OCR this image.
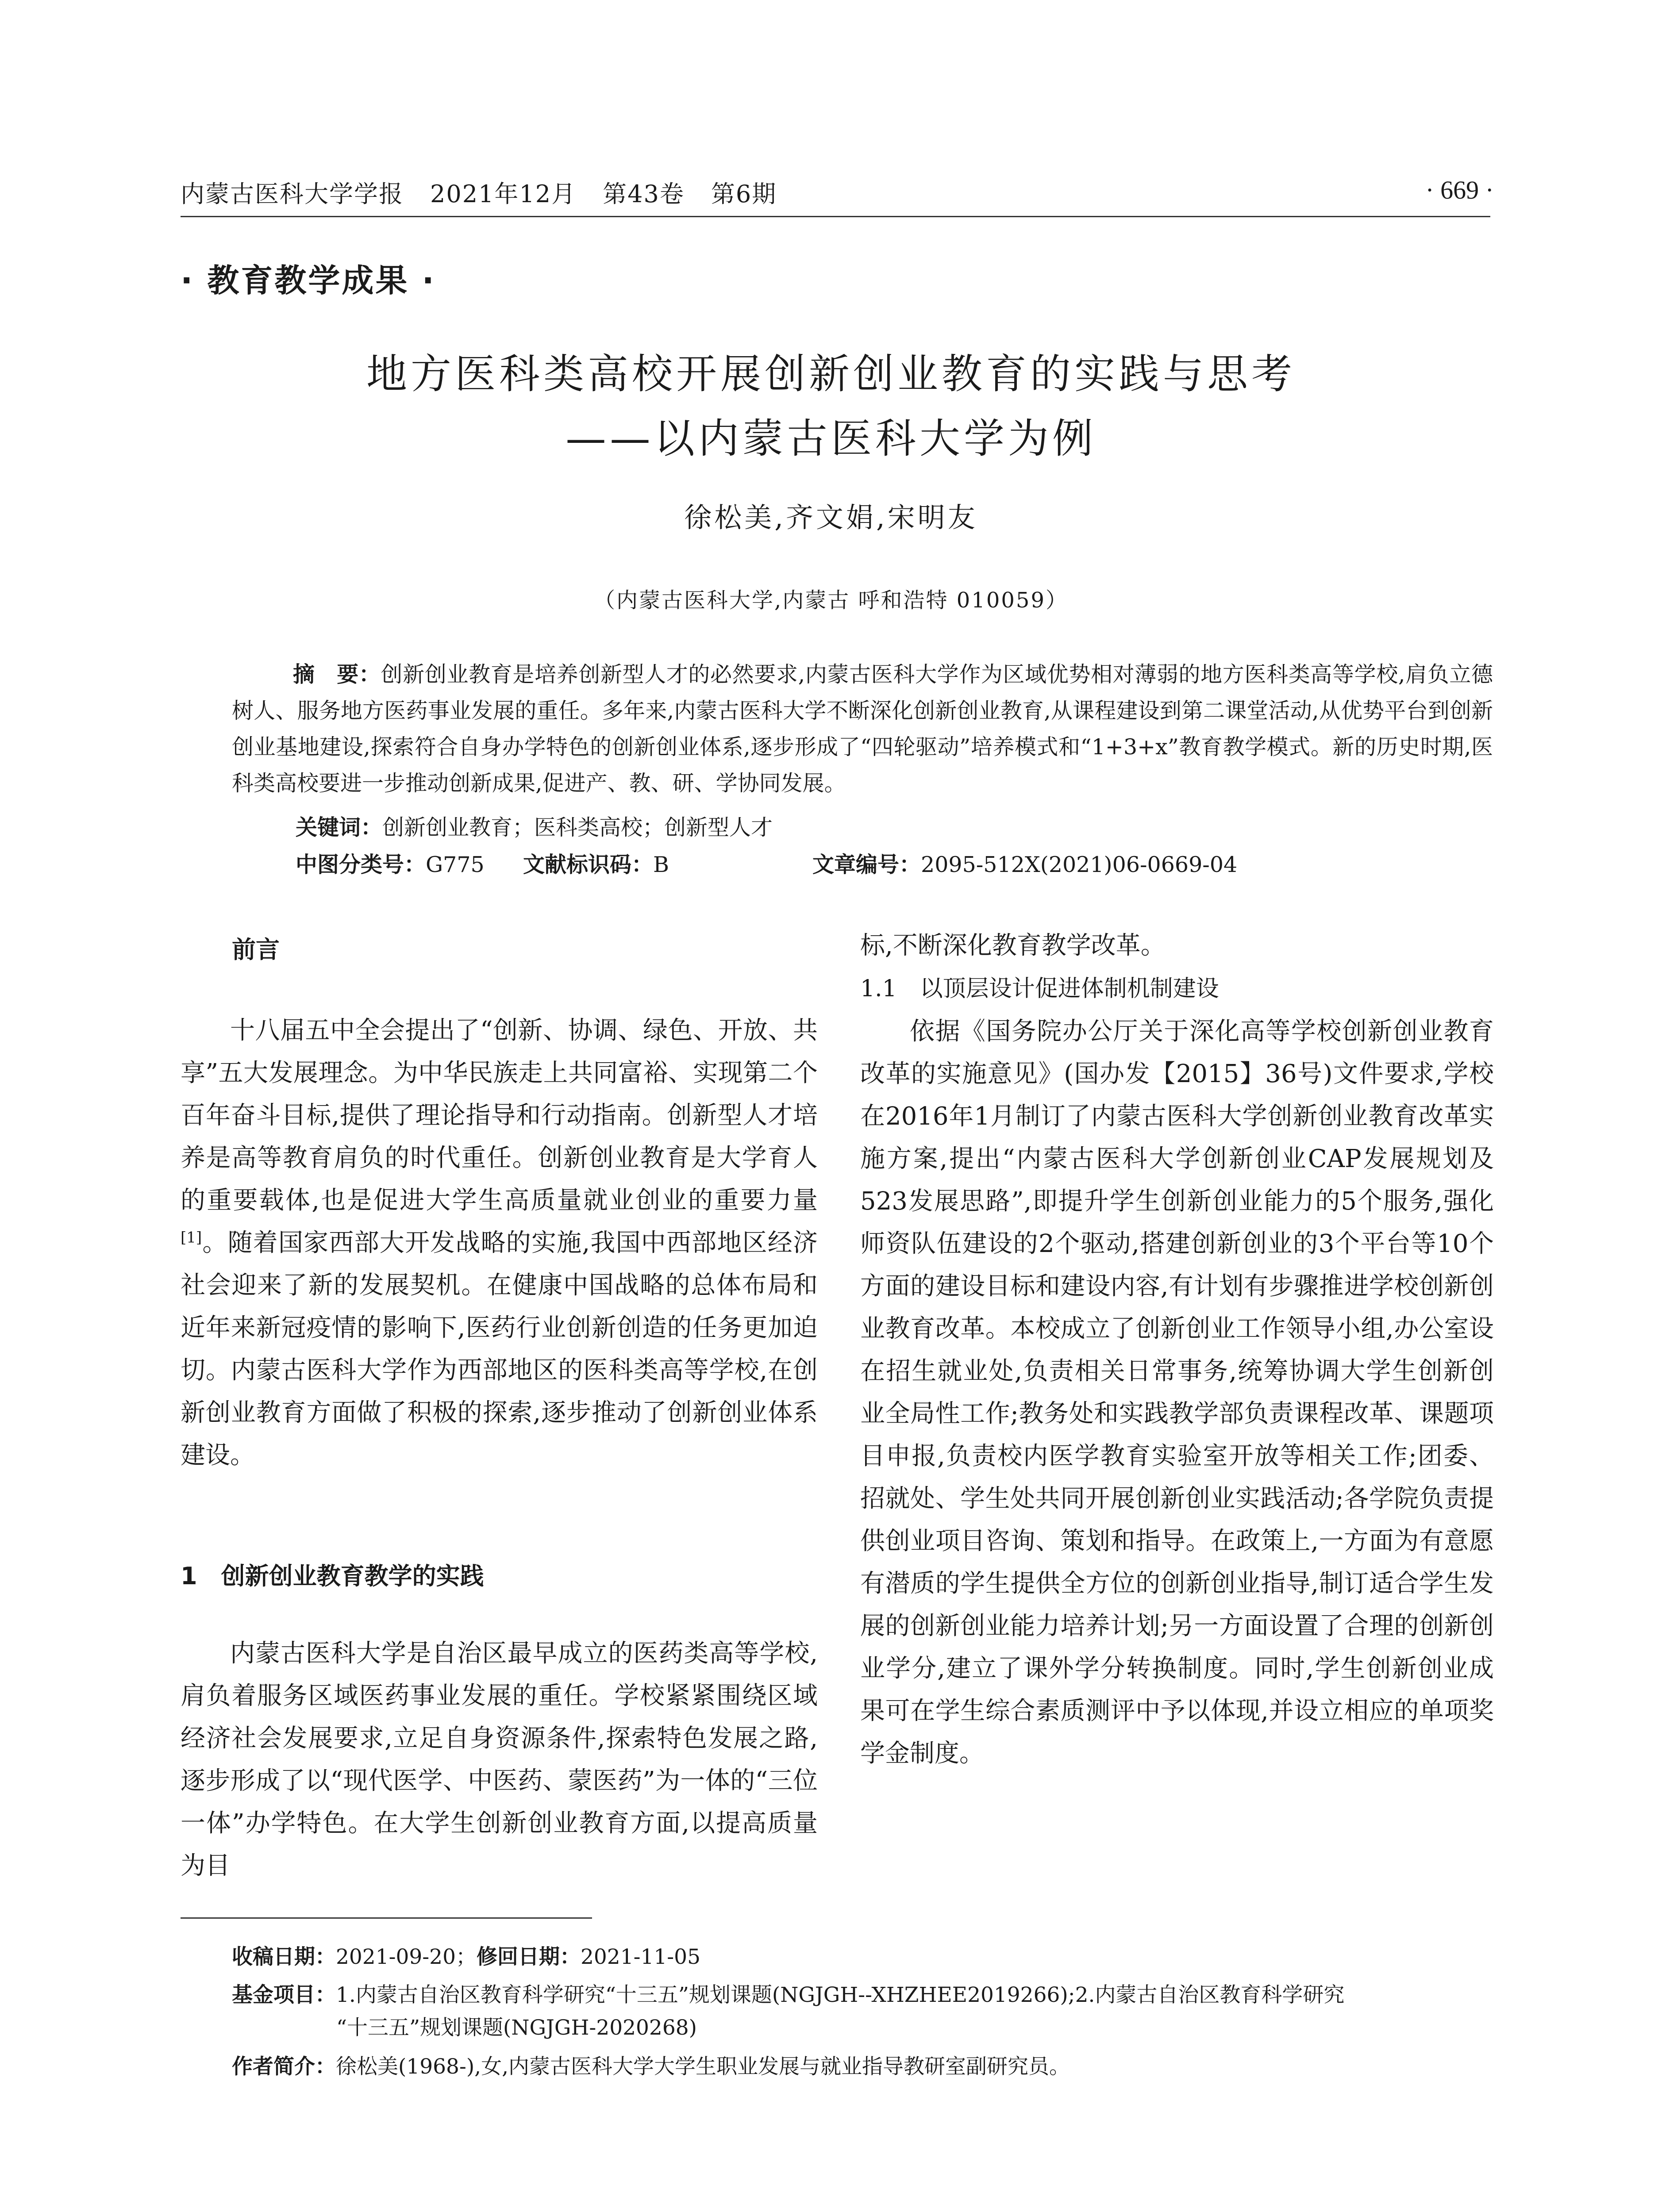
内蒙古医科大学学报 2021年12月 第43卷 第6期	· 669 ·
· 教育教学成果 ·
地方医科类高校开展创新创业教育的实践与思考
——以内蒙古医科大学为例
徐松美,齐文娟,宋明友
（内蒙古医科大学,内蒙古 呼和浩特 010059）
摘　要：创新创业教育是培养创新型人才的必然要求,内蒙古医科大学作为区域优势相对薄弱的地方医科类高等学校,肩负立德树人、服务地方医药事业发展的重任。多年来,内蒙古医科大学不断深化创新创业教育,从课程建设到第二课堂活动,从优势平台到创新创业基地建设,探索符合自身办学特色的创新创业体系,逐步形成了“四轮驱动”培养模式和“1+3+x”教育教学模式。新的历史时期,医科类高校要进一步推动创新成果,促进产、教、研、学协同发展。
关键词：创新创业教育；医科类高校；创新型人才
中图分类号：G775 文献标识码：B	文章编号：2095-512X(2021)06-0669-04
前言

十八届五中全会提出了“创新、协调、绿色、开放、共享”五大发展理念。为中华民族走上共同富裕、实现第二个百年奋斗目标,提供了理论指导和行动指南。创新型人才培养是高等教育肩负的时代重任。创新创业教育是大学育人的重要载体,也是促进大学生高质量就业创业的重要力量[1]。随着国家西部大开发战略的实施,我国中西部地区经济社会迎来了新的发展契机。在健康中国战略的总体布局和近年来新冠疫情的影响下,医药行业创新创造的任务更加迫切。内蒙古医科大学作为西部地区的医科类高等学校,在创新创业教育方面做了积极的探索,逐步推动了创新创业体系建设。

1　创新创业教育教学的实践

内蒙古医科大学是自治区最早成立的医药类高等学校,肩负着服务区域医药事业发展的重任。学校紧紧围绕区域经济社会发展要求,立足自身资源条件,探索特色发展之路,逐步形成了以“现代医学、中医药、蒙医药”为一体的“三位一体”办学特色。在大学生创新创业教育方面,以提高质量为目

标,不断深化教育教学改革。

1.1　以顶层设计促进体制机制建设

依据《国务院办公厅关于深化高等学校创新创业教育改革的实施意见》(国办发【2015】36号)文件要求,学校在2016年1月制订了内蒙古医科大学创新创业教育改革实施方案,提出“内蒙古医科大学创新创业CAP发展规划及523发展思路”,即提升学生创新创业能力的5个服务,强化师资队伍建设的2个驱动,搭建创新创业的3个平台等10个方面的建设目标和建设内容,有计划有步骤推进学校创新创业教育改革。本校成立了创新创业工作领导小组,办公室设在招生就业处,负责相关日常事务,统筹协调大学生创新创业全局性工作;教务处和实践教学部负责课程改革、课题项目申报,负责校内医学教育实验室开放等相关工作;团委、招就处、学生处共同开展创新创业实践活动;各学院负责提供创业项目咨询、策划和指导。在政策上,一方面为有意愿有潜质的学生提供全方位的创新创业指导,制订适合学生发展的创新创业能力培养计划;另一方面设置了合理的创新创业学分,建立了课外学分转换制度。同时,学生创新创业成果可在学生综合素质测评中予以体现,并设立相应的单项奖学金制度。

收稿日期：2021-09-20；修回日期：2021-11-05
基金项目：1.内蒙古自治区教育科学研究“十三五”规划课题(NGJGH--XHZHEE2019266);2.内蒙古自治区教育科学研究
“十三五”规划课题(NGJGH-2020268)
作者简介：徐松美(1968-),女,内蒙古医科大学大学生职业发展与就业指导教研室副研究员。
